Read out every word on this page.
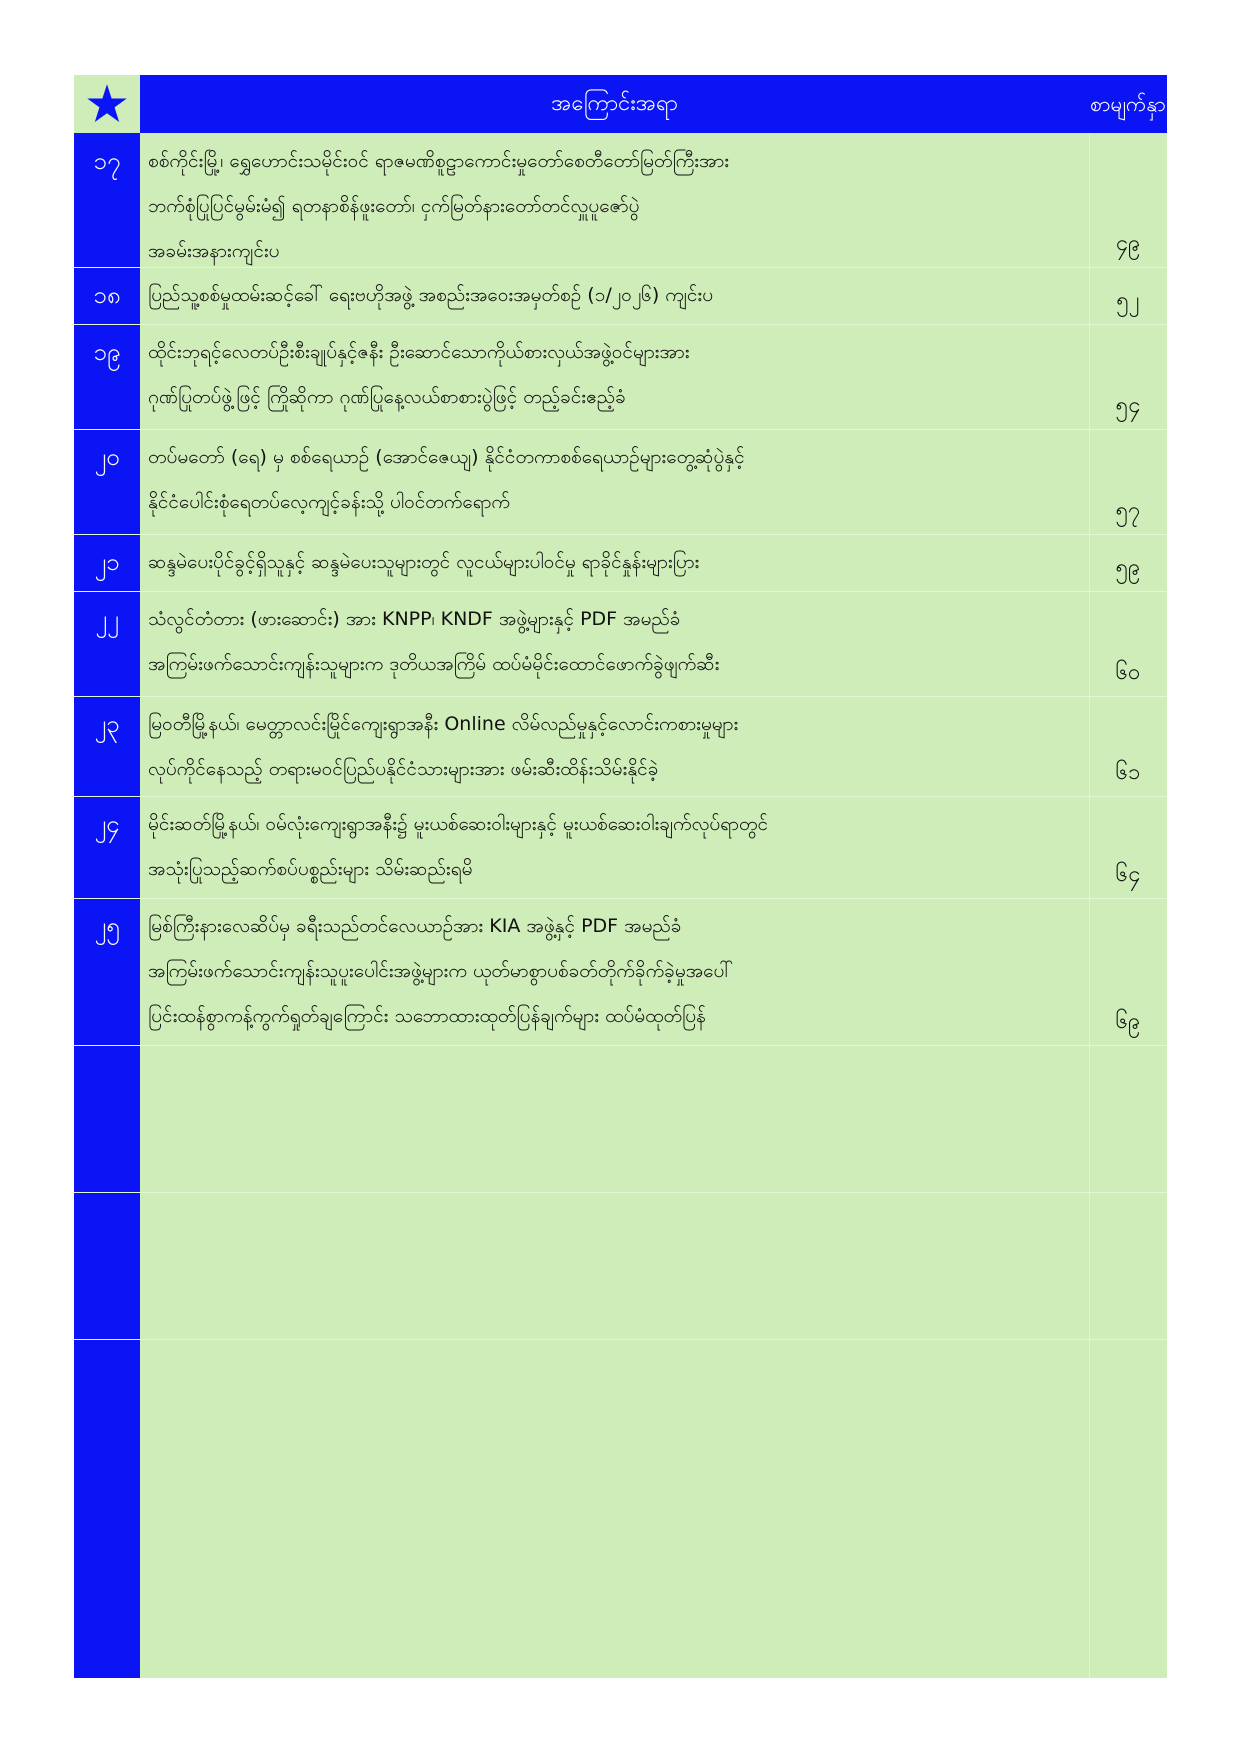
အကြောင်းအရာ	စာမျက်နှာ
၁၇	စစ်ကိုင်းမြို့၊ ရွှေဟောင်းသမိုင်းဝင် ရာဇမဏိစူဠာကောင်းမှုတော်စေတီတော်မြတ်ကြီးအား
ဘက်စုံပြုပြင်မွမ်းမံ၍ ရတနာစိန်ဖူးတော်၊ ငှက်မြတ်နားတော်တင်လှူပူဇော်ပွဲ
အခမ်းအနားကျင်းပ	၄၉
၁၈	ပြည်သူ့စစ်မှုထမ်းဆင့်ခေါ် ရေးဗဟိုအဖွဲ့ အစည်းအဝေးအမှတ်စဉ် (၁/၂၀၂၆) ကျင်းပ	၅၂
၁၉	ထိုင်းဘုရင့်လေတပ်ဦးစီးချုပ်နှင့်ဇနီး ဦးဆောင်သောကိုယ်စားလှယ်အဖွဲ့ဝင်များအား
ဂုဏ်ပြုတပ်ဖွဲ့ဖြင့် ကြိုဆိုကာ ဂုဏ်ပြုနေ့လယ်စာစားပွဲဖြင့် တည့်ခင်းဧည့်ခံ	၅၄
၂၀	တပ်မတော် (ရေ) မှ စစ်ရေယာဉ် (အောင်ဇေယျ) နိုင်ငံတကာစစ်ရေယာဉ်များတွေ့ဆုံပွဲနှင့်
နိုင်ငံပေါင်းစုံရေတပ်လေ့ကျင့်ခန်းသို့ ပါဝင်တက်ရောက်	၅၇
၂၁	ဆန္ဒမဲပေးပိုင်ခွင့်ရှိသူနှင့် ဆန္ဒမဲပေးသူများတွင် လူငယ်များပါဝင်မှု ရာခိုင်နှုန်းများပြား	၅၉
၂၂	သံလွင်တံတား (ဖားဆောင်း) အား KNPP၊ KNDF အဖွဲ့များနှင့် PDF အမည်ခံ
အကြမ်းဖက်သောင်းကျန်းသူများက ဒုတိယအကြိမ် ထပ်မံမိုင်းထောင်ဖောက်ခွဲဖျက်ဆီး	၆၀
၂၃	မြဝတီမြို့နယ်၊ မေတ္တာလင်းမြိုင်ကျေးရွာအနီး Online လိမ်လည်မှုနှင့်လောင်းကစားမှုများ
လုပ်ကိုင်နေသည့် တရားမဝင်ပြည်ပနိုင်ငံသားများအား ဖမ်းဆီးထိန်းသိမ်းနိုင်ခဲ့	၆၁
၂၄	မိုင်းဆတ်မြို့နယ်၊ ဝမ်လုံးကျေးရွာအနီး၌ မူးယစ်ဆေးဝါးများနှင့် မူးယစ်ဆေးဝါးချက်လုပ်ရာတွင်
အသုံးပြုသည့်ဆက်စပ်ပစ္စည်းများ သိမ်းဆည်းရမိ	၆၄
၂၅	မြစ်ကြီးနားလေဆိပ်မှ ခရီးသည်တင်လေယာဉ်အား KIA အဖွဲ့နှင့် PDF အမည်ခံ
အကြမ်းဖက်သောင်းကျန်းသူပူးပေါင်းအဖွဲ့များက ယုတ်မာစွာပစ်ခတ်တိုက်ခိုက်ခဲ့မှုအပေါ်
ပြင်းထန်စွာကန့်ကွက်ရှုတ်ချကြောင်း သဘောထားထုတ်ပြန်ချက်များ ထပ်မံထုတ်ပြန်	၆၉
